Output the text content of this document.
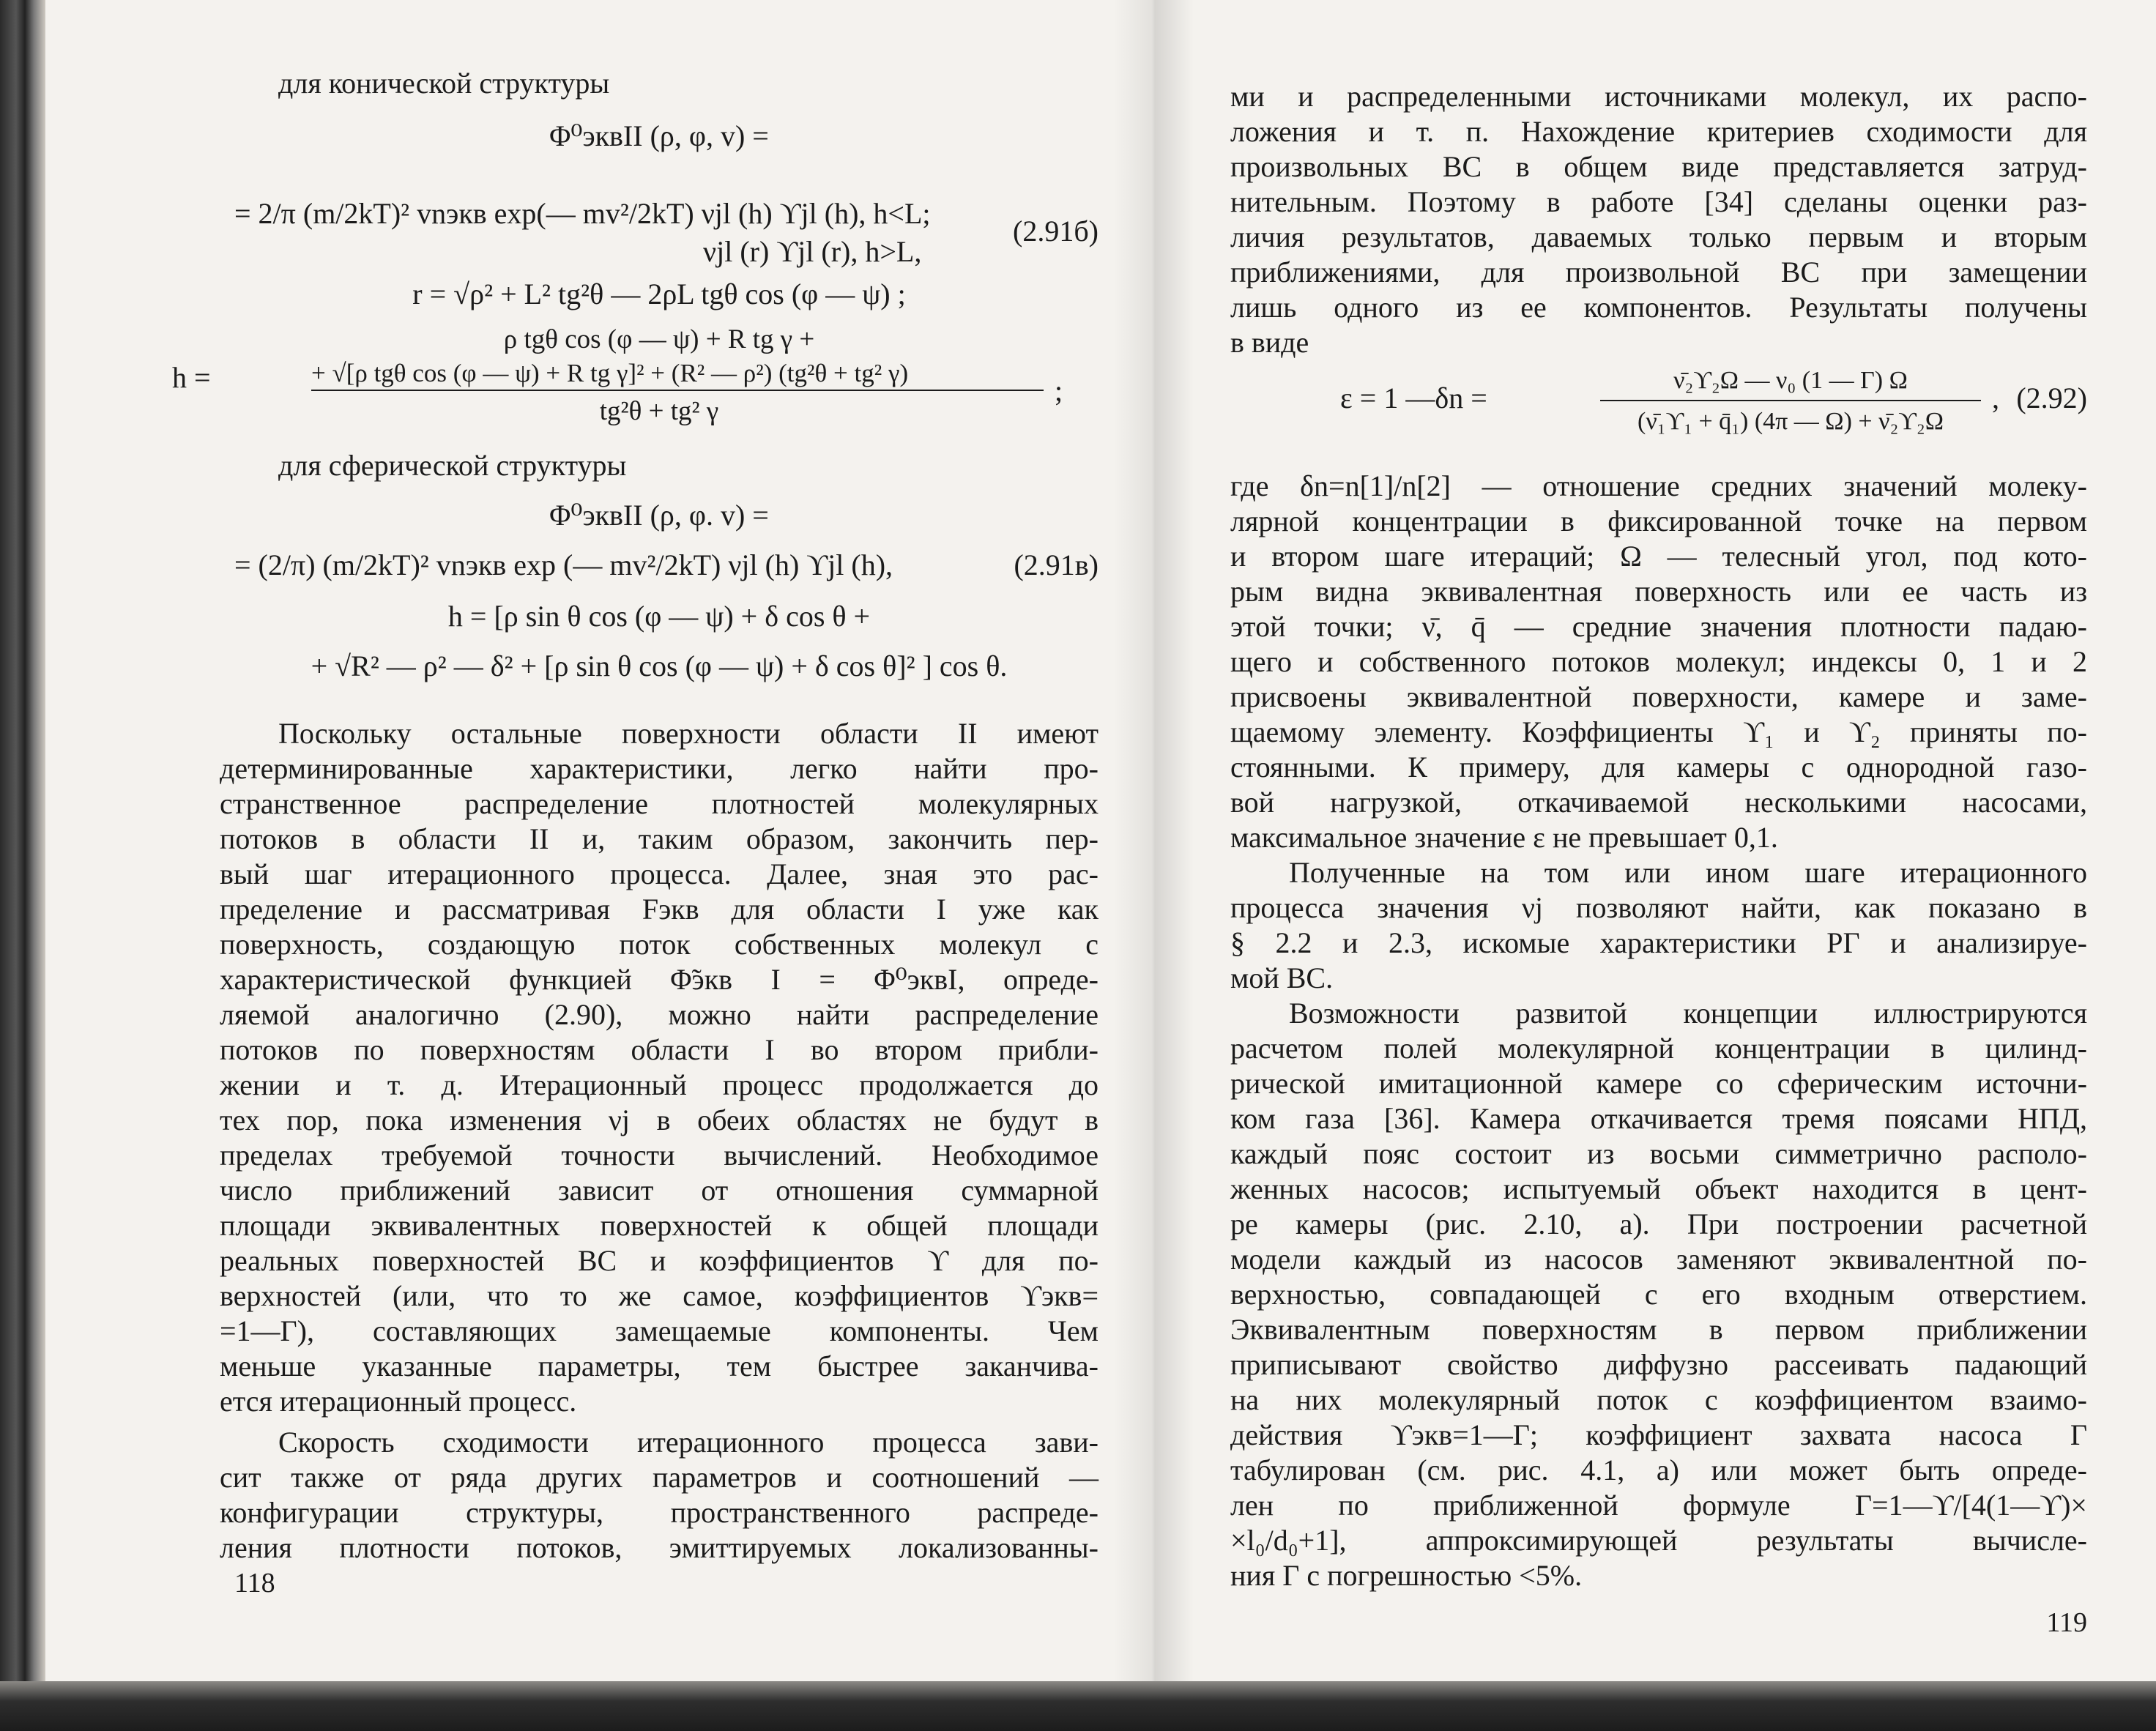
для конической структуры
Φ⁰эквII (ρ, φ, v) =
= 2/π (m/2kT)² vnэкв exp(— mv²/2kT) νjl (h) ϒjl (h), h<L;
νjl (r) ϒjl (r), h>L,
(2.91б)
r = √ρ² + L² tg²θ — 2ρL tgθ cos (φ — ψ) ;
ρ tgθ cos (φ — ψ) + R tg γ +
h =	+ √[ρ tgθ cos (φ — ψ) + R tg γ]² + (R² — ρ²) (tg²θ + tg² γ)
;
tg²θ + tg² γ
для сферической структуры
Φ⁰эквII (ρ, φ. v) =
= (2/π) (m/2kT)² vnэкв exp (— mv²/2kT) νjl (h) ϒjl (h),	(2.91в)
h = [ρ sin θ cos (φ — ψ) + δ cos θ +
+ √R² — ρ² — δ² + [ρ sin θ cos (φ — ψ) + δ cos θ]² ] cos θ.
Поскольку остальные поверхности области II имеют
детерминированные характеристики, легко найти про-
странственное распределение плотностей молекулярных
потоков в области II и, таким образом, закончить пер-
вый шаг итерационного процесса. Далее, зная это рас-
пределение и рассматривая Fэкв для области I уже как
поверхность, создающую поток собственных молекул с
характеристической функцией Φ̃экв I = Φ⁰эквI, опреде-
ляемой аналогично (2.90), можно найти распределение
потоков по поверхностям области I во втором прибли-
жении и т. д. Итерационный процесс продолжается до
тех пор, пока изменения νj в обеих областях не будут в
пределах требуемой точности вычислений. Необходимое
число приближений зависит от отношения суммарной
площади эквивалентных поверхностей к общей площади
реальных поверхностей ВС и коэффициентов ϒ для по-
верхностей (или, что то же самое, коэффициентов ϒэкв=
=1—Γ), составляющих замещаемые компоненты. Чем
меньше указанные параметры, тем быстрее заканчива-
ется итерационный процесс.
Скорость сходимости итерационного процесса зави-
сит также от ряда других параметров и соотношений —
конфигурации структуры, пространственного распреде-
ления плотности потоков, эмиттируемых локализованны-
118
ми и распределенными источниками молекул, их распо-
ложения и т. п. Нахождение критериев сходимости для
произвольных ВС в общем виде представляется затруд-
нительным. Поэтому в работе [34] сделаны оценки раз-
личия результатов, даваемых только первым и вторым
приближениями, для произвольной ВС при замещении
лишь одного из ее компонентов. Результаты получены
в виде
ε = 1 —δn =
ν̄₂ϒ₂Ω — ν₀ (1 — Γ) Ω
(ν̄₁ϒ₁ + q̄₁) (4π — Ω) + ν̄₂ϒ₂Ω
, (2.92)
где δn=n[1]/n[2] — отношение средних значений молеку-
лярной концентрации в фиксированной точке на первом
и втором шаге итераций; Ω — телесный угол, под кото-
рым видна эквивалентная поверхность или ее часть из
этой точки; ν̄, q̄ — средние значения плотности падаю-
щего и собственного потоков молекул; индексы 0, 1 и 2
присвоены эквивалентной поверхности, камере и заме-
щаемому элементу. Коэффициенты ϒ₁ и ϒ₂ приняты по-
стоянными. К примеру, для камеры с однородной газо-
вой нагрузкой, откачиваемой несколькими насосами,
максимальное значение ε не превышает 0,1.
Полученные на том или ином шаге итерационного
процесса значения νj позволяют найти, как показано в
§ 2.2 и 2.3, искомые характеристики РГ и анализируе-
мой ВС.
Возможности развитой концепции иллюстрируются
расчетом полей молекулярной концентрации в цилинд-
рической имитационной камере со сферическим источни-
ком газа [36]. Камера откачивается тремя поясами НПД,
каждый пояс состоит из восьми симметрично располо-
женных насосов; испытуемый объект находится в цент-
ре камеры (рис. 2.10, а). При построении расчетной
модели каждый из насосов заменяют эквивалентной по-
верхностью, совпадающей с его входным отверстием.
Эквивалентным поверхностям в первом приближении
приписывают свойство диффузно рассеивать падающий
на них молекулярный поток с коэффициентом взаимо-
действия ϒэкв=1—Γ; коэффициент захвата насоса Γ
табулирован (см. рис. 4.1, а) или может быть опреде-
лен по приближенной формуле Γ=1—ϒ/[4(1—ϒ)×
×l₀/d₀+1], аппроксимирующей результаты вычисле-
ния Γ с погрешностью <5%.
119
